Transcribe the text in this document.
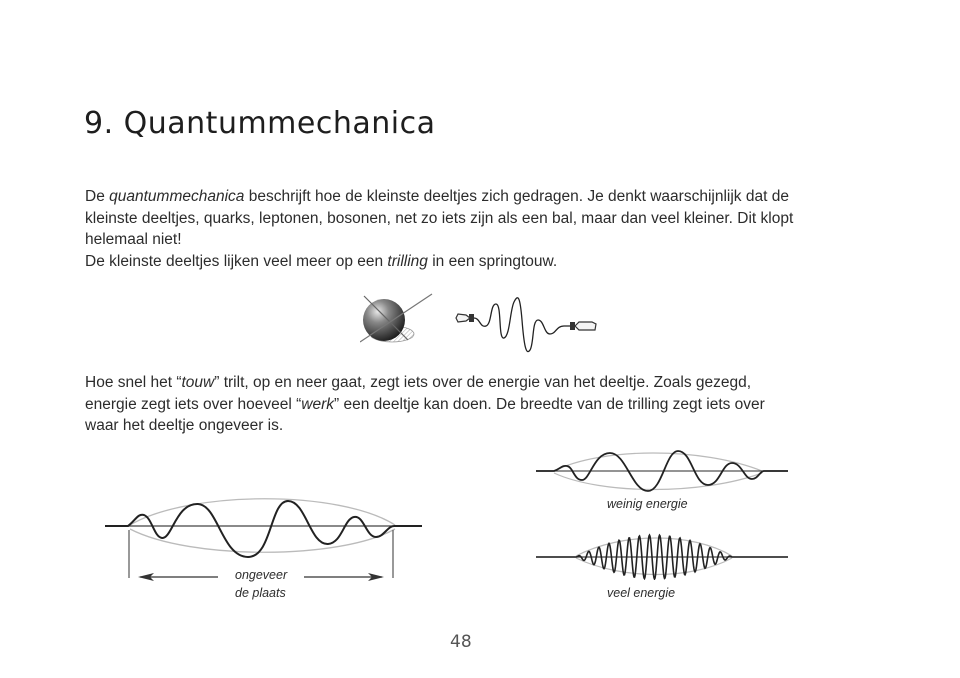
9. Quantummechanica
De quantummechanica beschrijft hoe de kleinste deeltjes zich gedragen. Je denkt waarschijnlijk dat de
kleinste deeltjes, quarks, leptonen, bosonen, net zo iets zijn als een bal, maar dan veel kleiner. Dit klopt
helemaal niet!
De kleinste deeltjes lijken veel meer op een trilling in een springtouw.
Hoe snel het “touw” trilt, op en neer gaat, zegt iets over de energie van het deeltje. Zoals gezegd,
energie zegt iets over hoeveel “werk” een deeltje kan doen. De breedte van de trilling zegt iets over
waar het deeltje ongeveer is.
ongeveer
de plaats
weinig energie
veel energie
48
